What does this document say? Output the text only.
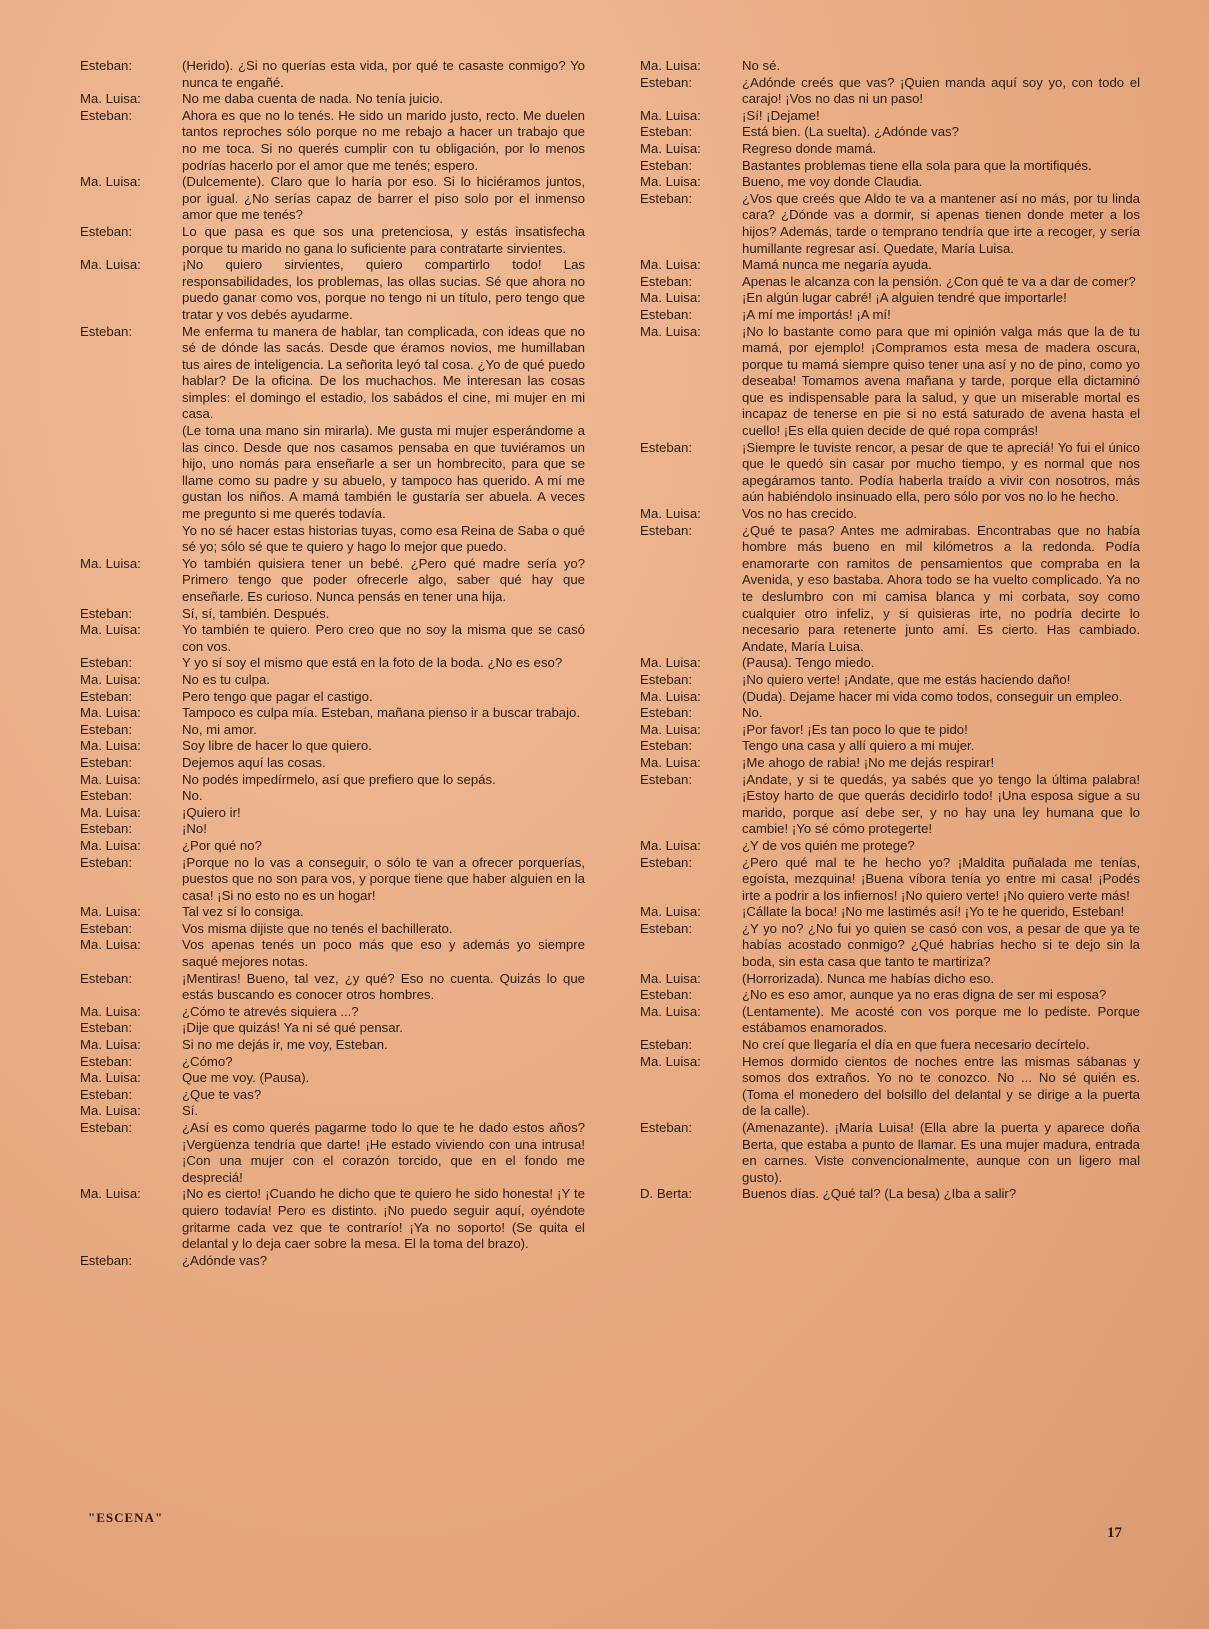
Esteban:	(Herido). ¿Si no querías esta vida, por qué te casaste conmigo? Yo nunca te engañé.
Ma. Luisa:	No me daba cuenta de nada. No tenía juicio.
Esteban:	Ahora es que no lo tenés. He sido un marido justo, recto. Me duelen tantos reproches sólo porque no me rebajo a hacer un trabajo que no me toca. Si no querés cumplir con tu obligación, por lo menos podrías hacerlo por el amor que me tenés; espero.
Ma. Luisa:	(Dulcemente). Claro que lo haría por eso. Si lo hiciéramos juntos, por igual. ¿No serías capaz de barrer el piso solo por el inmenso amor que me tenés?
Esteban:	Lo que pasa es que sos una pretenciosa, y estás insatisfecha porque tu marido no gana lo suficiente para contratarte sirvientes.
Ma. Luisa:	¡No quiero sirvientes, quiero compartirlo todo! Las responsabilidades, los problemas, las ollas sucias. Sé que ahora no puedo ganar como vos, porque no tengo ni un título, pero tengo que tratar y vos debés ayudarme.
Esteban:	Me enferma tu manera de hablar, tan complicada, con ideas que no sé de dónde las sacás. Desde que éramos novios, me humillaban tus aires de inteligencia. La señorita leyó tal cosa. ¿Yo de qué puedo hablar? De la oficina. De los muchachos. Me interesan las cosas simples: el domingo el estadio, los sabádos el cine, mi mujer en mi casa.
(Le toma una mano sin mirarla). Me gusta mi mujer esperándome a las cinco. Desde que nos casamos pensaba en que tuviéramos un hijo, uno nomás para enseñarle a ser un hombrecito, para que se llame como su padre y su abuelo, y tampoco has querido. A mí me gustan los niños. A mamá también le gustaría ser abuela. A veces me pregunto si me querés todavía.
Yo no sé hacer estas historias tuyas, como esa Reina de Saba o qué sé yo; sólo sé que te quiero y hago lo mejor que puedo.
Ma. Luisa:	Yo también quisiera tener un bebé. ¿Pero qué madre sería yo? Primero tengo que poder ofrecerle algo, saber qué hay que enseñarle. Es curioso. Nunca pensás en tener una hija.
Esteban:	Sí, sí, también. Después.
Ma. Luisa:	Yo también te quiero. Pero creo que no soy la misma que se casó con vos.
Esteban:	Y yo sí soy el mismo que está en la foto de la boda. ¿No es eso?
Ma. Luisa:	No es tu culpa.
Esteban:	Pero tengo que pagar el castigo.
Ma. Luisa:	Tampoco es culpa mía. Esteban, mañana pienso ir a buscar trabajo.
Esteban:	No, mi amor.
Ma. Luisa:	Soy libre de hacer lo que quiero.
Esteban:	Dejemos aquí las cosas.
Ma. Luisa:	No podés impedírmelo, así que prefiero que lo sepás.
Esteban:	No.
Ma. Luisa:	¡Quiero ir!
Esteban:	¡No!
Ma. Luisa:	¿Por qué no?
Esteban:	¡Porque no lo vas a conseguir, o sólo te van a ofrecer porquerías, puestos que no son para vos, y porque tiene que haber alguien en la casa! ¡Si no esto no es un hogar!
Ma. Luisa:	Tal vez sí lo consiga.
Esteban:	Vos misma dijiste que no tenés el bachillerato.
Ma. Luisa:	Vos apenas tenés un poco más que eso y además yo siempre saqué mejores notas.
Esteban:	¡Mentiras! Bueno, tal vez, ¿y qué? Eso no cuenta. Quizás lo que estás buscando es conocer otros hombres.
Ma. Luisa:	¿Cómo te atrevés siquiera ...?
Esteban:	¡Dije que quizás! Ya ni sé qué pensar.
Ma. Luisa:	Si no me dejás ir, me voy, Esteban.
Esteban:	¿Cómo?
Ma. Luisa:	Que me voy. (Pausa).
Esteban:	¿Que te vas?
Ma. Luisa:	Sí.
Esteban:	¿Así es como querés pagarme todo lo que te he dado estos años? ¡Vergüenza tendría que darte! ¡He estado viviendo con una intrusa! ¡Con una mujer con el corazón torcido, que en el fondo me despreciá!
Ma. Luisa:	¡No es cierto! ¡Cuando he dicho que te quiero he sido honesta! ¡Y te quiero todavía! Pero es distinto. ¡No puedo seguir aquí, oyéndote gritarme cada vez que te contrarío! ¡Ya no soporto! (Se quita el delantal y lo deja caer sobre la mesa. El la toma del brazo).
Esteban:	¿Adónde vas?
Ma. Luisa:	No sé.
Esteban:	¿Adónde creés que vas? ¡Quien manda aquí soy yo, con todo el carajo! ¡Vos no das ni un paso!
Ma. Luisa:	¡Sí! ¡Dejame!
Esteban:	Está bien. (La suelta). ¿Adónde vas?
Ma. Luisa:	Regreso donde mamá.
Esteban:	Bastantes problemas tiene ella sola para que la mortifiqués.
Ma. Luisa:	Bueno, me voy donde Claudia.
Esteban:	¿Vos que creés que Aldo te va a mantener así no más, por tu linda cara? ¿Dónde vas a dormir, si apenas tienen donde meter a los hijos? Además, tarde o temprano tendría que irte a recoger, y sería humillante regresar así. Quedate, María Luisa.
Ma. Luisa:	Mamá nunca me negaría ayuda.
Esteban:	Apenas le alcanza con la pensión. ¿Con qué te va a dar de comer?
Ma. Luisa:	¡En algún lugar cabré! ¡A alguien tendré que importarle!
Esteban:	¡A mí me importás! ¡A mí!
Ma. Luisa:	¡No lo bastante como para que mi opinión valga más que la de tu mamá, por ejemplo! ¡Compramos esta mesa de madera oscura, porque tu mamá siempre quiso tener una así y no de pino, como yo deseaba! Tomamos avena mañana y tarde, porque ella dictaminó que es indispensable para la salud, y que un miserable mortal es incapaz de tenerse en pie si no está saturado de avena hasta el cuello! ¡Es ella quien decide de qué ropa comprás!
Esteban:	¡Siempre le tuviste rencor, a pesar de que te apreciá! Yo fui el único que le quedó sin casar por mucho tiempo, y es normal que nos apegáramos tanto. Podía haberla traído a vivir con nosotros, más aún habiéndolo insinuado ella, pero sólo por vos no lo he hecho.
Ma. Luisa:	Vos no has crecido.
Esteban:	¿Qué te pasa? Antes me admirabas. Encontrabas que no había hombre más bueno en mil kilómetros a la redonda. Podía enamorarte con ramitos de pensamientos que compraba en la Avenida, y eso bastaba. Ahora todo se ha vuelto complicado. Ya no te deslumbro con mi camisa blanca y mi corbata, soy como cualquier otro infeliz, y si quisieras irte, no podría decirte lo necesario para retenerte junto amí. Es cierto. Has cambiado. Andate, María Luisa.
Ma. Luisa:	(Pausa). Tengo miedo.
Esteban:	¡No quiero verte! ¡Andate, que me estás haciendo daño!
Ma. Luisa:	(Duda). Dejame hacer mi vida como todos, conseguir un empleo.
Esteban:	No.
Ma. Luisa:	¡Por favor! ¡Es tan poco lo que te pido!
Esteban:	Tengo una casa y allí quiero a mi mujer.
Ma. Luisa:	¡Me ahogo de rabia! ¡No me dejás respirar!
Esteban:	¡Andate, y si te quedás, ya sabés que yo tengo la última palabra! ¡Estoy harto de que querás decidirlo todo! ¡Una esposa sigue a su marido, porque así debe ser, y no hay una ley humana que lo cambie! ¡Yo sé cómo protegerte!
Ma. Luisa:	¿Y de vos quién me protege?
Esteban:	¿Pero qué mal te he hecho yo? ¡Maldita puñalada me tenías, egoísta, mezquina! ¡Buena víbora tenía yo entre mi casa! ¡Podés irte a podrir a los infiernos! ¡No quiero verte! ¡No quiero verte más!
Ma. Luisa:	¡Cállate la boca! ¡No me lastimés así! ¡Yo te he querido, Esteban!
Esteban:	¿Y yo no? ¿No fui yo quien se casó con vos, a pesar de que ya te habías acostado conmigo? ¿Qué habrías hecho si te dejo sin la boda, sin esta casa que tanto te martiriza?
Ma. Luisa:	(Horrorizada). Nunca me habías dicho eso.
Esteban:	¿No es eso amor, aunque ya no eras digna de ser mi esposa?
Ma. Luisa:	(Lentamente). Me acosté con vos porque me lo pediste. Porque estábamos enamorados.
Esteban:	No creí que llegaría el día en que fuera necesario decírtelo.
Ma. Luisa:	Hemos dormido cientos de noches entre las mismas sábanas y somos dos extraños. Yo no te conozco. No ... No sé quién es. (Toma el monedero del bolsillo del delantal y se dirige a la puerta de la calle).
Esteban:	(Amenazante). ¡María Luisa! (Ella abre la puerta y aparece doña Berta, que estaba a punto de llamar. Es una mujer madura, entrada en carnes. Viste convencionalmente, aunque con un ligero mal gusto).
D. Berta:	Buenos días. ¿Qué tal? (La besa) ¿Iba a salir?
"ESCENA"
17
